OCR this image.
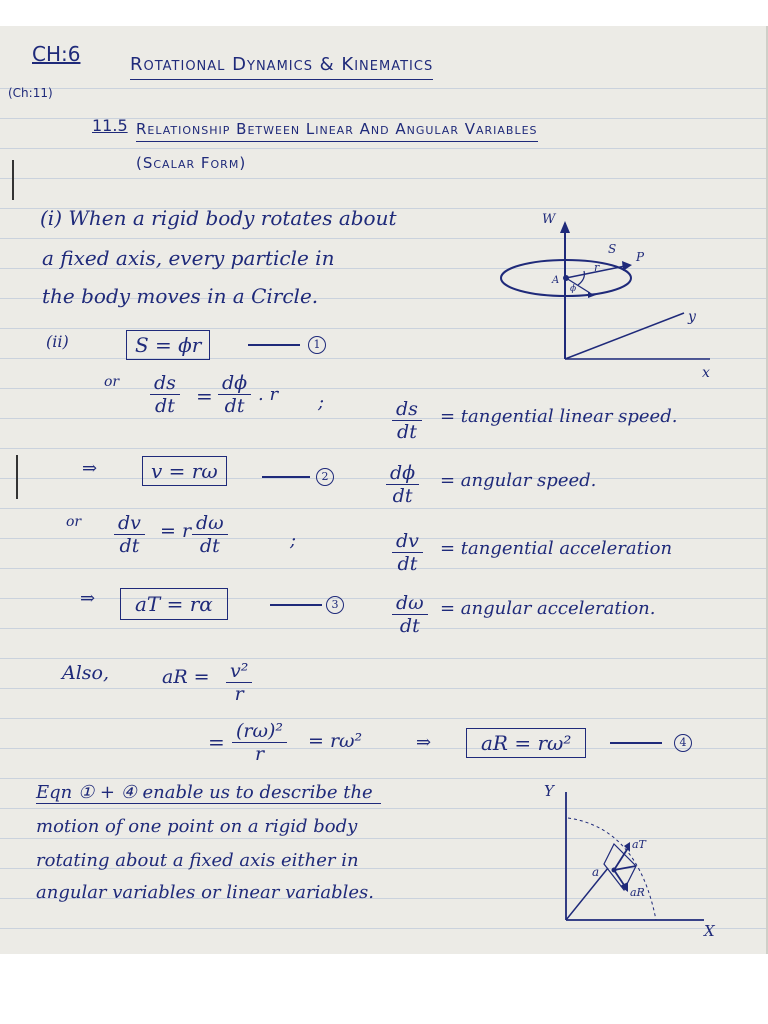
CH:6	Rotational Dynamics & Kinematics
(Ch:11)
11.5 Relationship Between Linear And Angular Variables
(Scalar Form)
(i) When a rigid body rotates about
a fixed axis, every particle in
the body moves in a Circle.
(ii)	S = ϕr	1
or $\frac{ds}{dt} = \frac{d\phi}{dt}$ . r ;
⇒	v = rω	2
or $\frac{dv}{dt} = r \frac{d\omega}{dt}$	;
⇒	aT = rα	3
$\frac{ds}{dt}$ = tangential linear speed.
$\frac{d\phi}{dt}$ = angular speed.
$\frac{dv}{dt}$ = tangential acceleration
$\frac{d\omega}{dt}$ = angular acceleration.
Also,	aR = $\frac{\text{v²}}{r}$
= $\frac{\text{(rω)²}}{r} = r\omega^2$	⇒	aR = rω²	4
Eqn ① + ④ enable us to describe the
motion of one point on a rigid body
rotating about a fixed axis either in
angular variables or linear variables.
W
S
P
A
r
ϕ
y
x
Y
X
aT
a
aR
